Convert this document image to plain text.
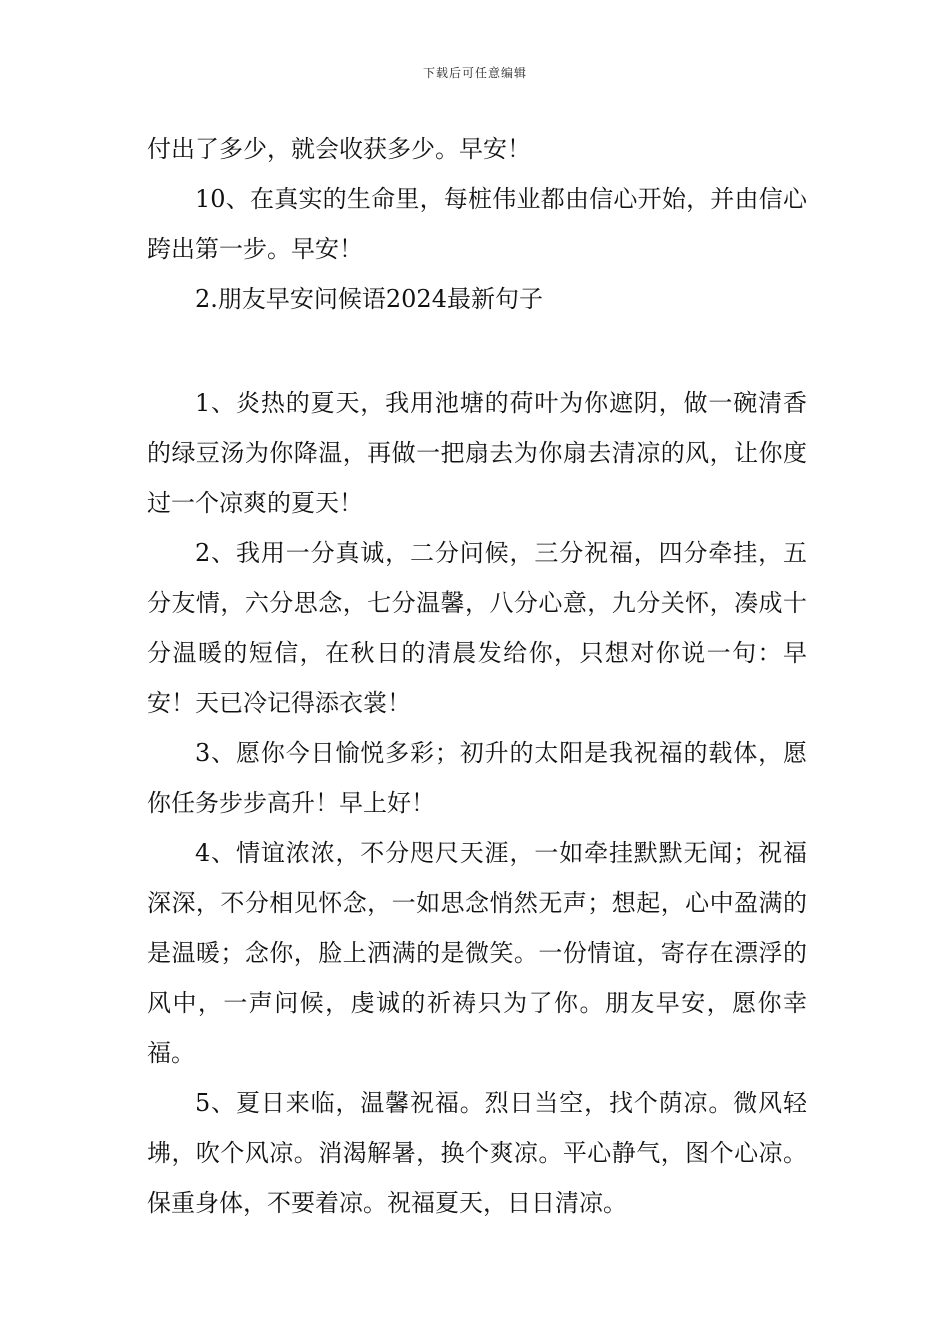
下载后可任意编辑

付出了多少，就会收获多少。早安！

10、在真实的生命里，每桩伟业都由信心开始，并由信心跨出第一步。早安！

2.朋友早安问候语2024最新句子

1、炎热的夏天，我用池塘的荷叶为你遮阴，做一碗清香的绿豆汤为你降温，再做一把扇去为你扇去清凉的风，让你度过一个凉爽的夏天！

2、我用一分真诚，二分问候，三分祝福，四分牵挂，五分友情，六分思念，七分温馨，八分心意，九分关怀，凑成十分温暖的短信，在秋日的清晨发给你，只想对你说一句：早安！天已冷记得添衣裳！

3、愿你今日愉悦多彩；初升的太阳是我祝福的载体，愿你任务步步高升！早上好！

4、情谊浓浓，不分咫尺天涯，一如牵挂默默无闻；祝福深深，不分相见怀念，一如思念悄然无声；想起，心中盈满的是温暖；念你，脸上洒满的是微笑。一份情谊，寄存在漂浮的风中，一声问候，虔诚的祈祷只为了你。朋友早安，愿你幸福。

5、夏日来临，温馨祝福。烈日当空，找个荫凉。微风轻坲，吹个风凉。消渴解暑，换个爽凉。平心静气，图个心凉。保重身体，不要着凉。祝福夏天，日日清凉。
